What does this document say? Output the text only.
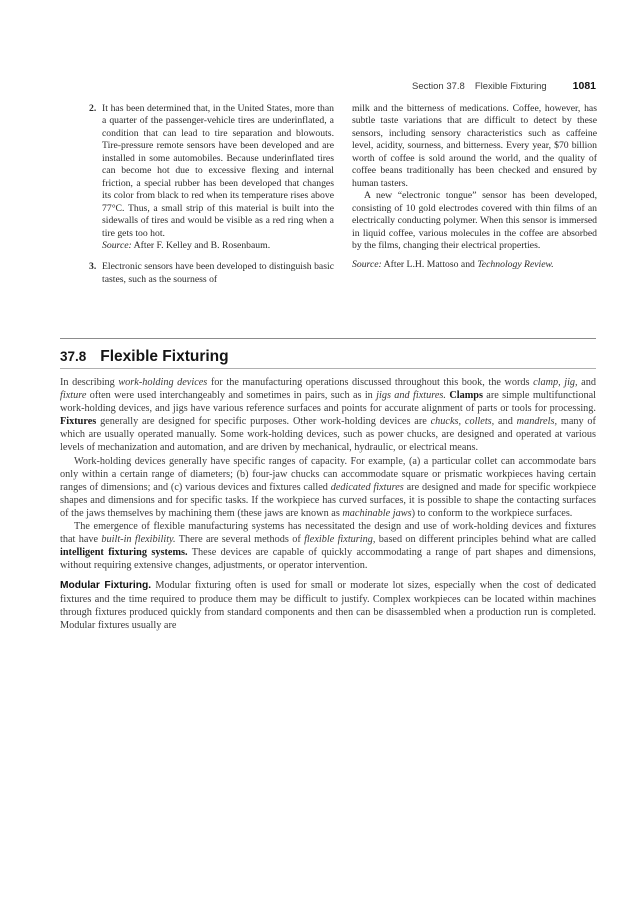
Section 37.8 Flexible Fixturing 1081
2. It has been determined that, in the United States, more than a quarter of the passenger-vehicle tires are underinflated, a condition that can lead to tire separation and blowouts. Tire-pressure remote sensors have been developed and are installed in some automobiles. Because underinflated tires can become hot due to excessive flexing and internal friction, a special rubber has been developed that changes its color from black to red when its temperature rises above 77°C. Thus, a small strip of this material is built into the sidewalls of tires and would be visible as a red ring when a tire gets too hot.

Source: After F. Kelley and B. Rosenbaum.

3. Electronic sensors have been developed to distinguish basic tastes, such as the sourness of

milk and the bitterness of medications. Coffee, however, has subtle taste variations that are difficult to detect by these sensors, including sensory characteristics such as caffeine level, acidity, sourness, and bitterness. Every year, $70 billion worth of coffee is sold around the world, and the quality of coffee beans traditionally has been checked and ensured by human tasters.

A new “electronic tongue” sensor has been developed, consisting of 10 gold electrodes covered with thin films of an electrically conducting polymer. When this sensor is immersed in liquid coffee, various molecules in the coffee are absorbed by the films, changing their electrical properties.

Source: After L.H. Mattoso and Technology Review.

37.8 Flexible Fixturing

In describing work-holding devices for the manufacturing operations discussed throughout this book, the words clamp, jig, and fixture often were used interchangeably and sometimes in pairs, such as in jigs and fixtures. Clamps are simple multifunctional work-holding devices, and jigs have various reference surfaces and points for accurate alignment of parts or tools for processing. Fixtures generally are designed for specific purposes. Other work-holding devices are chucks, collets, and mandrels, many of which are usually operated manually. Some work-holding devices, such as power chucks, are designed and operated at various levels of mechanization and automation, and are driven by mechanical, hydraulic, or electrical means.

Work-holding devices generally have specific ranges of capacity. For example, (a) a particular collet can accommodate bars only within a certain range of diameters; (b) four-jaw chucks can accommodate square or prismatic workpieces having certain ranges of dimensions; and (c) various devices and fixtures called dedicated fixtures are designed and made for specific workpiece shapes and dimensions and for specific tasks. If the workpiece has curved surfaces, it is possible to shape the contacting surfaces of the jaws themselves by machining them (these jaws are known as machinable jaws) to conform to the workpiece surfaces.

The emergence of flexible manufacturing systems has necessitated the design and use of work-holding devices and fixtures that have built-in flexibility. There are several methods of flexible fixturing, based on different principles behind what are called intelligent fixturing systems. These devices are capable of quickly accommodating a range of part shapes and dimensions, without requiring extensive changes, adjustments, or operator intervention.

Modular Fixturing. Modular fixturing often is used for small or moderate lot sizes, especially when the cost of dedicated fixtures and the time required to produce them may be difficult to justify. Complex workpieces can be located within machines through fixtures produced quickly from standard components and then can be disassembled when a production run is completed. Modular fixtures usually are
